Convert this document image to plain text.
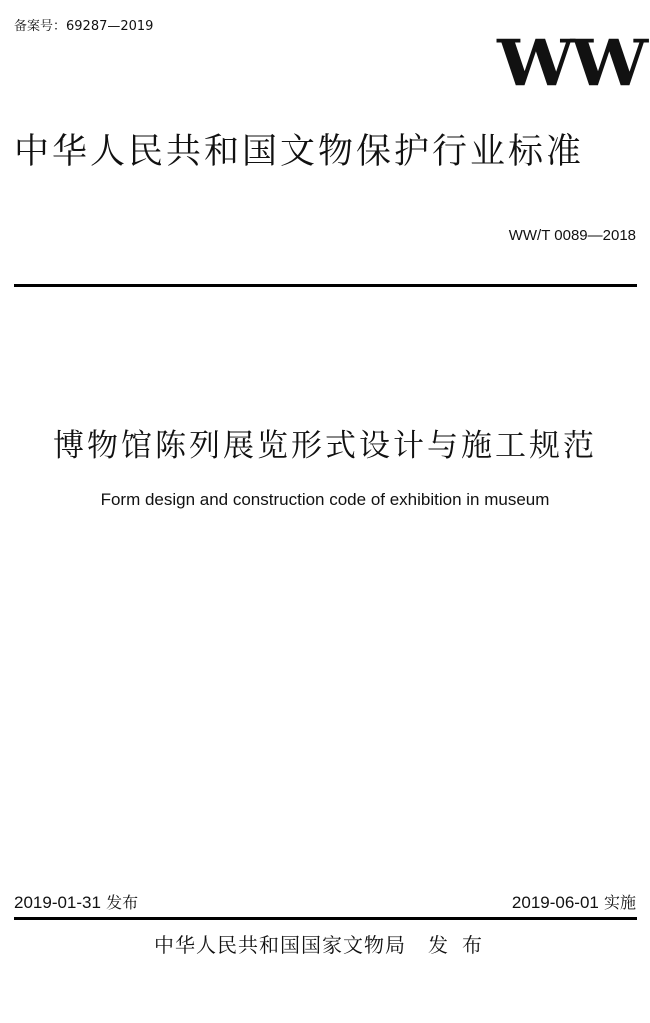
备案号：69287—2019	WW
中华人民共和国文物保护行业标准
WW/T 0089—2018
博物馆陈列展览形式设计与施工规范
Form design and construction code of exhibition in museum
2019-01-31 发布	2019-06-01 实施
中华人民共和国国家文物局 发布
